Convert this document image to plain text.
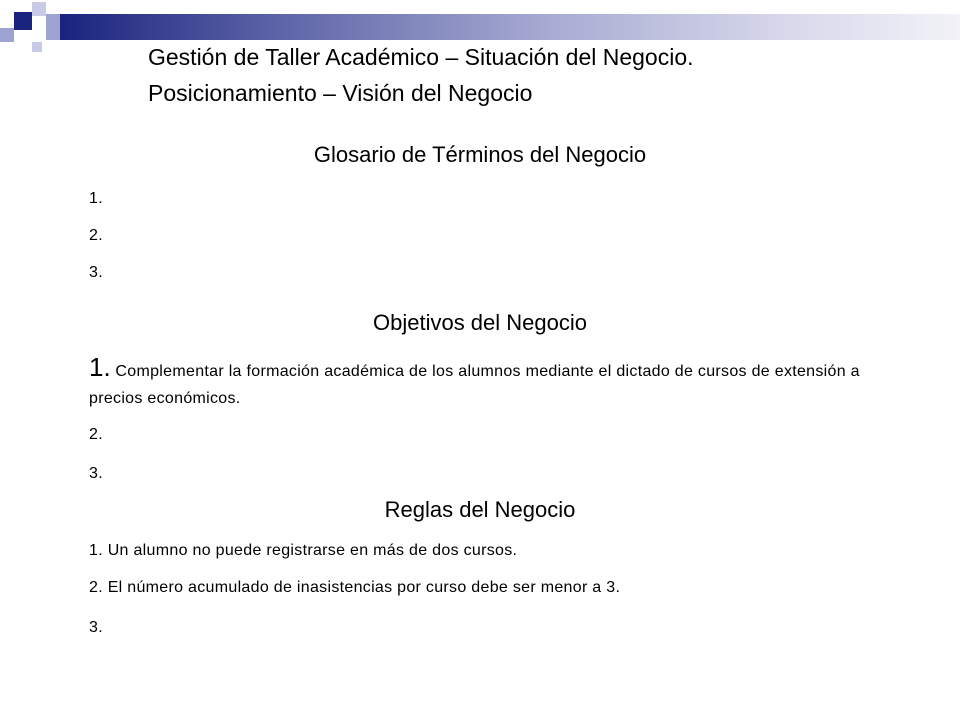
Gestión de Taller Académico – Situación del Negocio.
Posicionamiento – Visión del Negocio
Glosario de Términos del Negocio
1.
2.
3.
Objetivos del Negocio
1. Complementar la formación académica de los alumnos mediante el dictado de cursos de extensión a precios económicos.
2.
3.
Reglas del Negocio
1. Un alumno no puede registrarse en más de dos cursos.
2. El número acumulado de inasistencias por curso debe ser menor a 3.
3.
